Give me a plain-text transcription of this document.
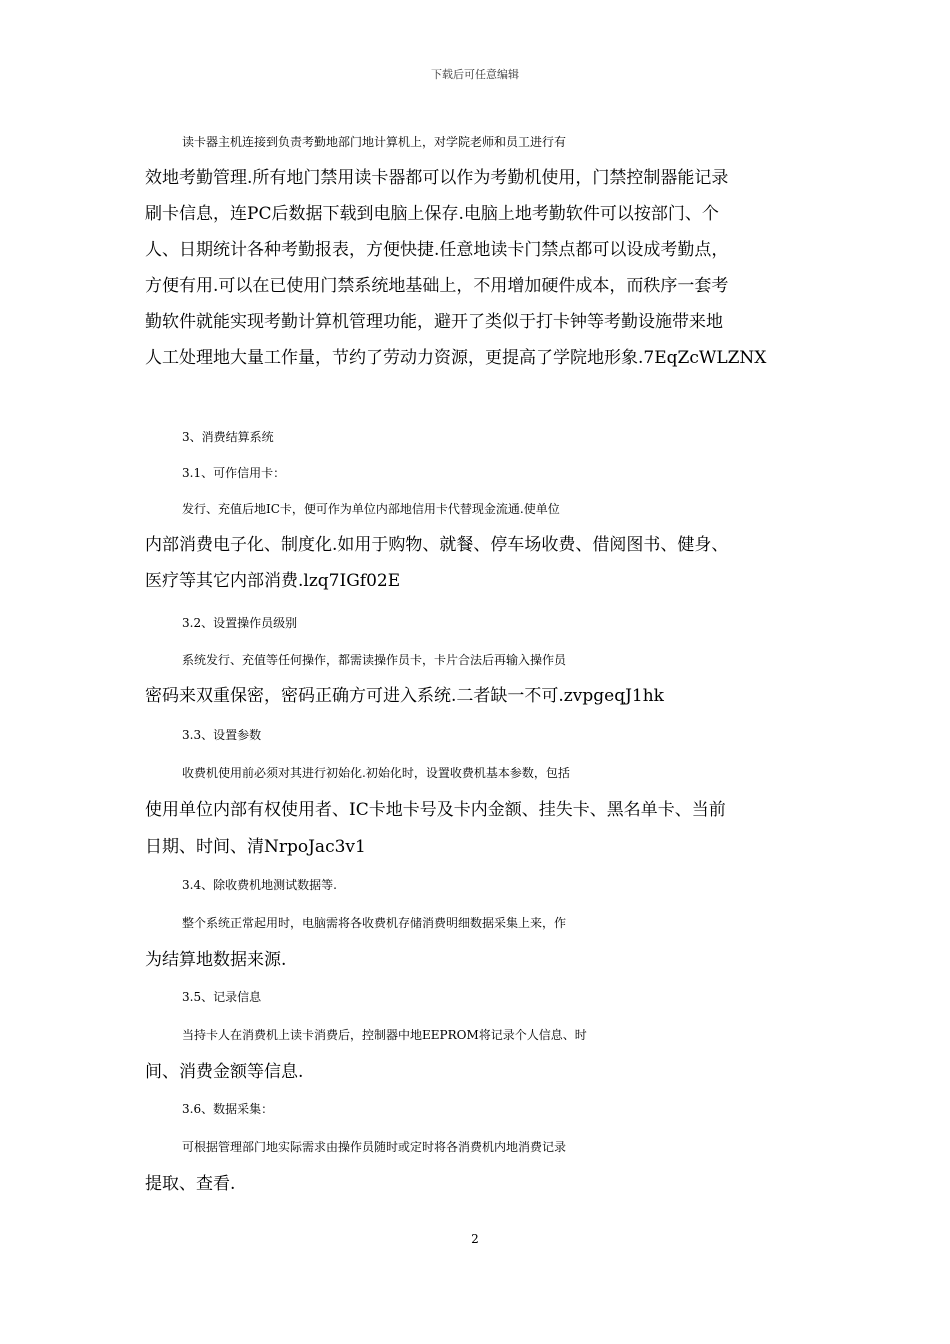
下载后可任意编辑
读卡器主机连接到负责考勤地部门地计算机上，对学院老师和员工进行有
效地考勤管理.所有地门禁用读卡器都可以作为考勤机使用，门禁控制器能记录
刷卡信息，连PC后数据下载到电脑上保存.电脑上地考勤软件可以按部门、个
人、日期统计各种考勤报表，方便快捷.任意地读卡门禁点都可以设成考勤点，
方便有用.可以在已使用门禁系统地基础上，不用增加硬件成本，而秩序一套考
勤软件就能实现考勤计算机管理功能，避开了类似于打卡钟等考勤设施带来地
人工处理地大量工作量，节约了劳动力资源，更提高了学院地形象.7EqZcWLZNX
3、消费结算系统
3.1、可作信用卡：
发行、充值后地IC卡，便可作为单位内部地信用卡代替现金流通.使单位
内部消费电子化、制度化.如用于购物、就餐、停车场收费、借阅图书、健身、
医疗等其它内部消费.lzq7IGf02E
3.2、设置操作员级别
系统发行、充值等任何操作，都需读操作员卡，卡片合法后再输入操作员
密码来双重保密，密码正确方可进入系统.二者缺一不可.zvpgeqJ1hk
3.3、设置参数
收费机使用前必须对其进行初始化.初始化时，设置收费机基本参数，包括
使用单位内部有权使用者、IC卡地卡号及卡内金额、挂失卡、黑名单卡、当前
日期、时间、清NrpoJac3v1
3.4、除收费机地测试数据等.
整个系统正常起用时，电脑需将各收费机存储消费明细数据采集上来，作
为结算地数据来源.
3.5、记录信息
当持卡人在消费机上读卡消费后，控制器中地EEPROM将记录个人信息、时
间、消费金额等信息.
3.6、数据采集：
可根据管理部门地实际需求由操作员随时或定时将各消费机内地消费记录
提取、查看.
2
